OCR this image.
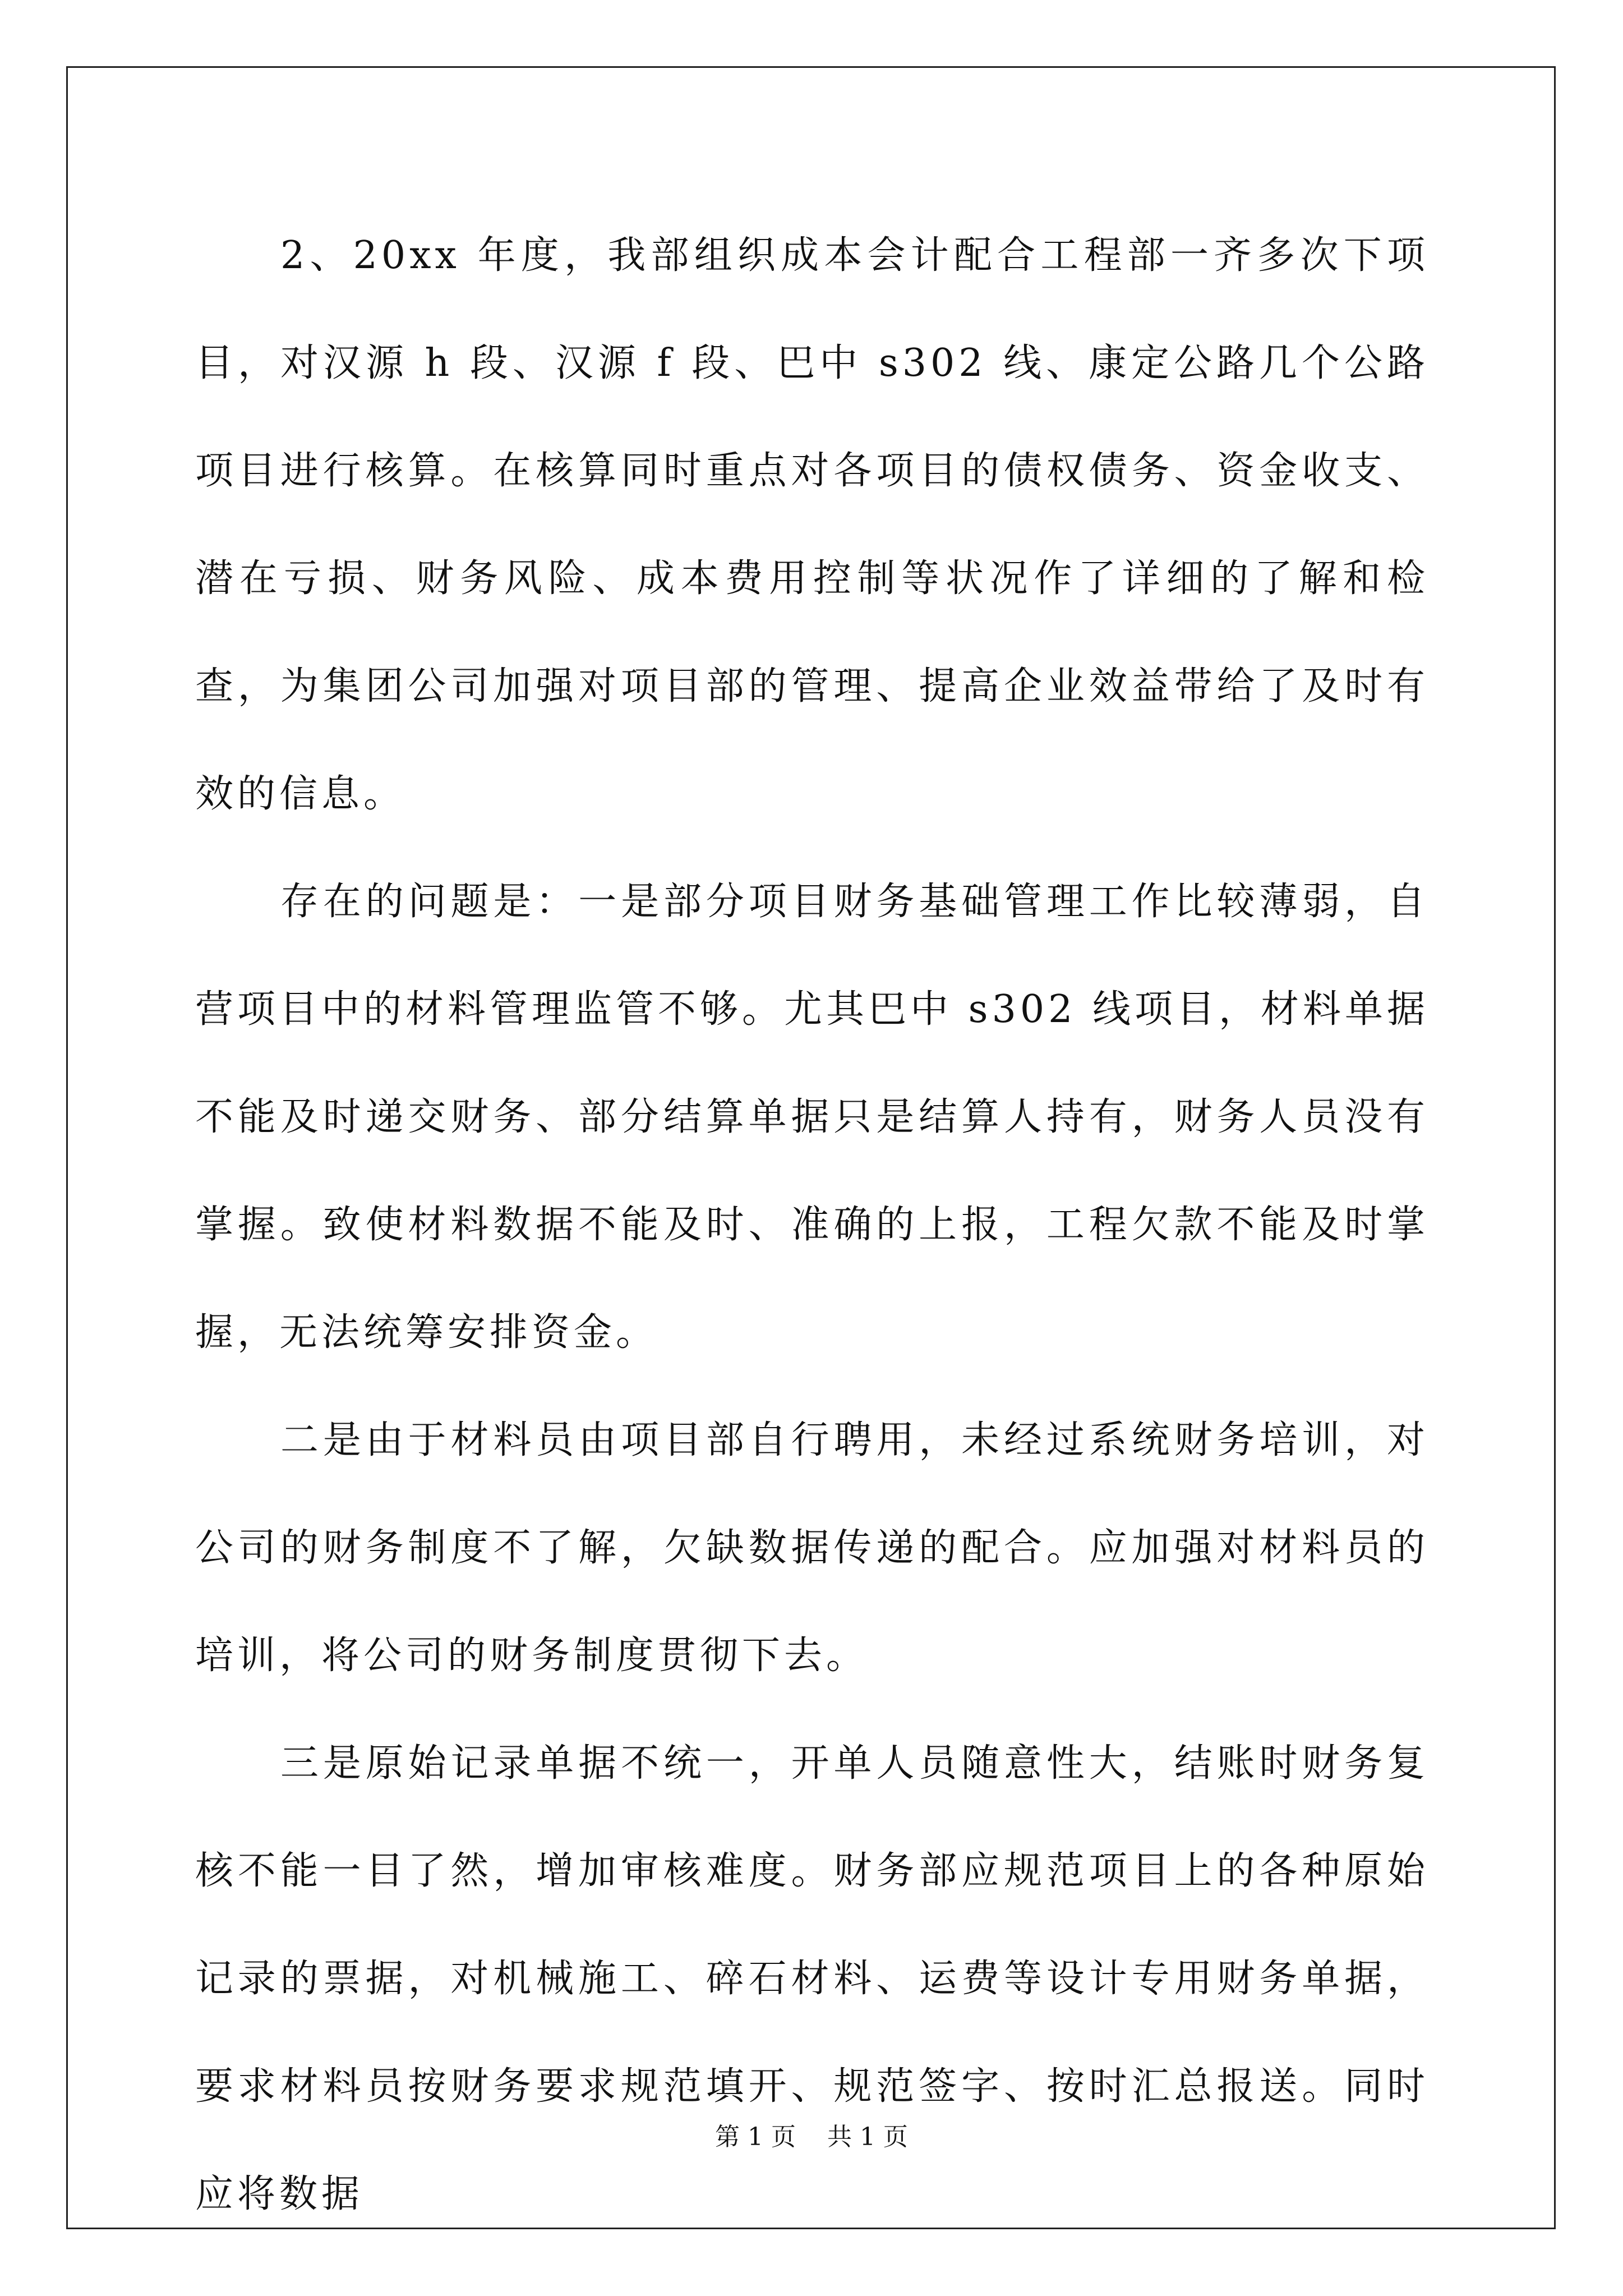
2、20xx 年度，我部组织成本会计配合工程部一齐多次下项目，对汉源 h 段、汉源 f 段、巴中 s302 线、康定公路几个公路项目进行核算。在核算同时重点对各项目的债权债务、资金收支、潜在亏损、财务风险、成本费用控制等状况作了详细的了解和检查，为集团公司加强对项目部的管理、提高企业效益带给了及时有效的信息。

存在的问题是：一是部分项目财务基础管理工作比较薄弱，自营项目中的材料管理监管不够。尤其巴中 s302 线项目，材料单据不能及时递交财务、部分结算单据只是结算人持有，财务人员没有掌握。致使材料数据不能及时、准确的上报，工程欠款不能及时掌握，无法统筹安排资金。

二是由于材料员由项目部自行聘用，未经过系统财务培训，对公司的财务制度不了解，欠缺数据传递的配合。应加强对材料员的培训，将公司的财务制度贯彻下去。

三是原始记录单据不统一，开单人员随意性大，结账时财务复核不能一目了然，增加审核难度。财务部应规范项目上的各种原始记录的票据，对机械施工、碎石材料、运费等设计专用财务单据，要求材料员按财务要求规范填开、规范签字、按时汇总报送。同时应将数据

第 1 页 共 1 页
